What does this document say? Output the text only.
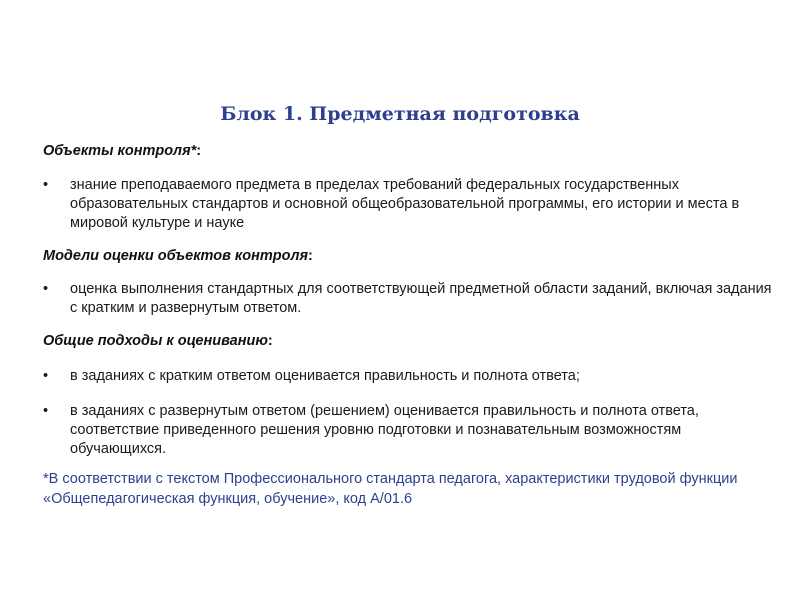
Блок 1. Предметная подготовка
Объекты контроля*:
•	знание преподаваемого предмета в пределах требований федеральных государственных образовательных стандартов и основной общеобразовательной программы, его истории и места в мировой культуре и науке
Модели оценки объектов контроля:
•	оценка выполнения стандартных для соответствующей предметной области заданий, включая задания с кратким и развернутым ответом.
Общие подходы к оцениванию:
•	в заданиях с кратким ответом оценивается правильность и полнота ответа;
•	в заданиях с развернутым ответом (решением) оценивается правильность и полнота ответа, соответствие приведенного решения уровню подготовки и познавательным возможностям обучающихся.
*В соответствии с текстом Профессионального стандарта педагога, характеристики трудовой функции «Общепедагогическая функция, обучение», код А/01.6
